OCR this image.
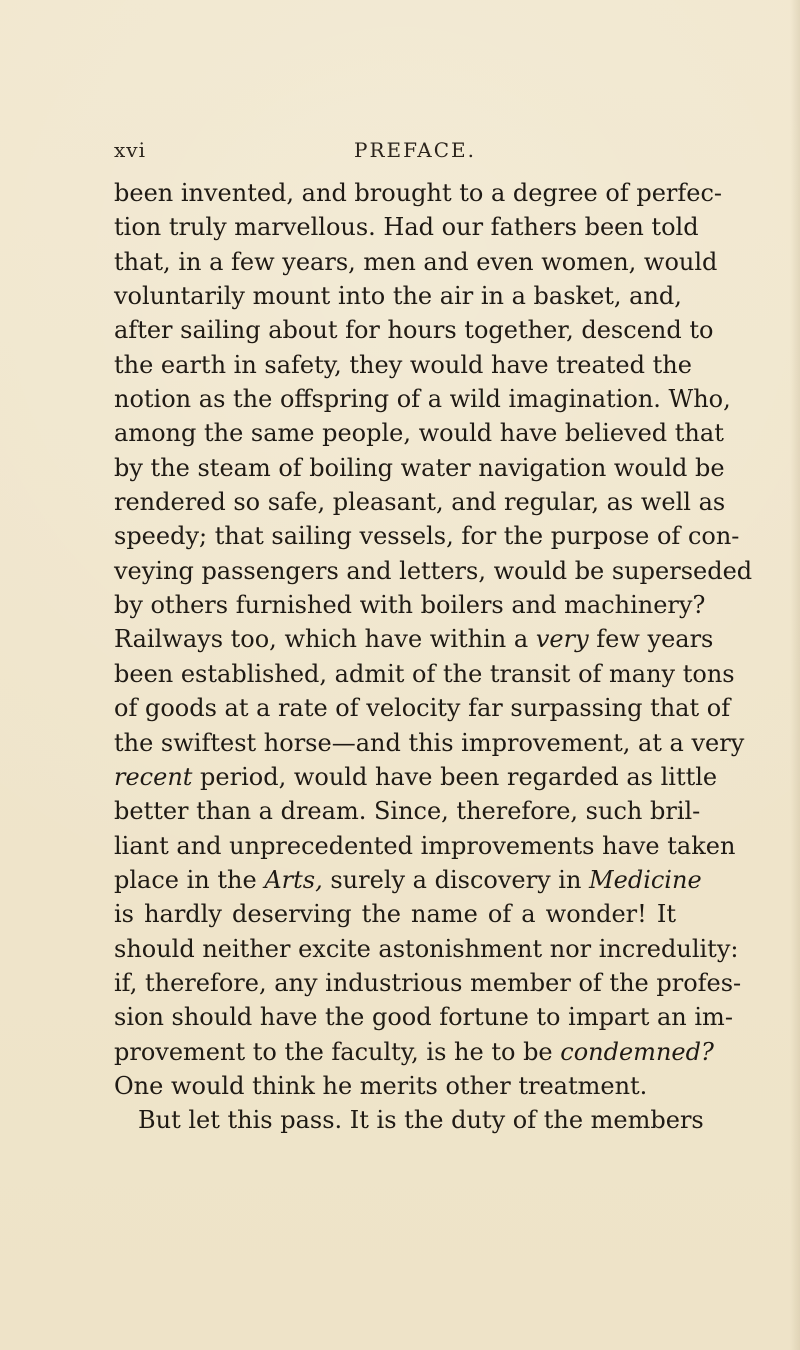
xvi	PREFACE.
been invented, and brought to a degree of perfec-
tion truly marvellous. Had our fathers been told
that, in a few years, men and even women, would
voluntarily mount into the air in a basket, and,
after sailing about for hours together, descend to
the earth in safety, they would have treated the
notion as the offspring of a wild imagination. Who,
among the same people, would have believed that
by the steam of boiling water navigation would be
rendered so safe, pleasant, and regular, as well as
speedy; that sailing vessels, for the purpose of con-
veying passengers and letters, would be superseded
by others furnished with boilers and machinery?
Railways too, which have within a very few years
been established, admit of the transit of many tons
of goods at a rate of velocity far surpassing that of
the swiftest horse—and this improvement, at a very
recent period, would have been regarded as little
better than a dream. Since, therefore, such bril-
liant and unprecedented improvements have taken
place in the Arts, surely a discovery in Medicine
is hardly deserving the name of a wonder! It
should neither excite astonishment nor incredulity:
if, therefore, any industrious member of the profes-
sion should have the good fortune to impart an im-
provement to the faculty, is he to be condemned?
One would think he merits other treatment.
But let this pass. It is the duty of the members
